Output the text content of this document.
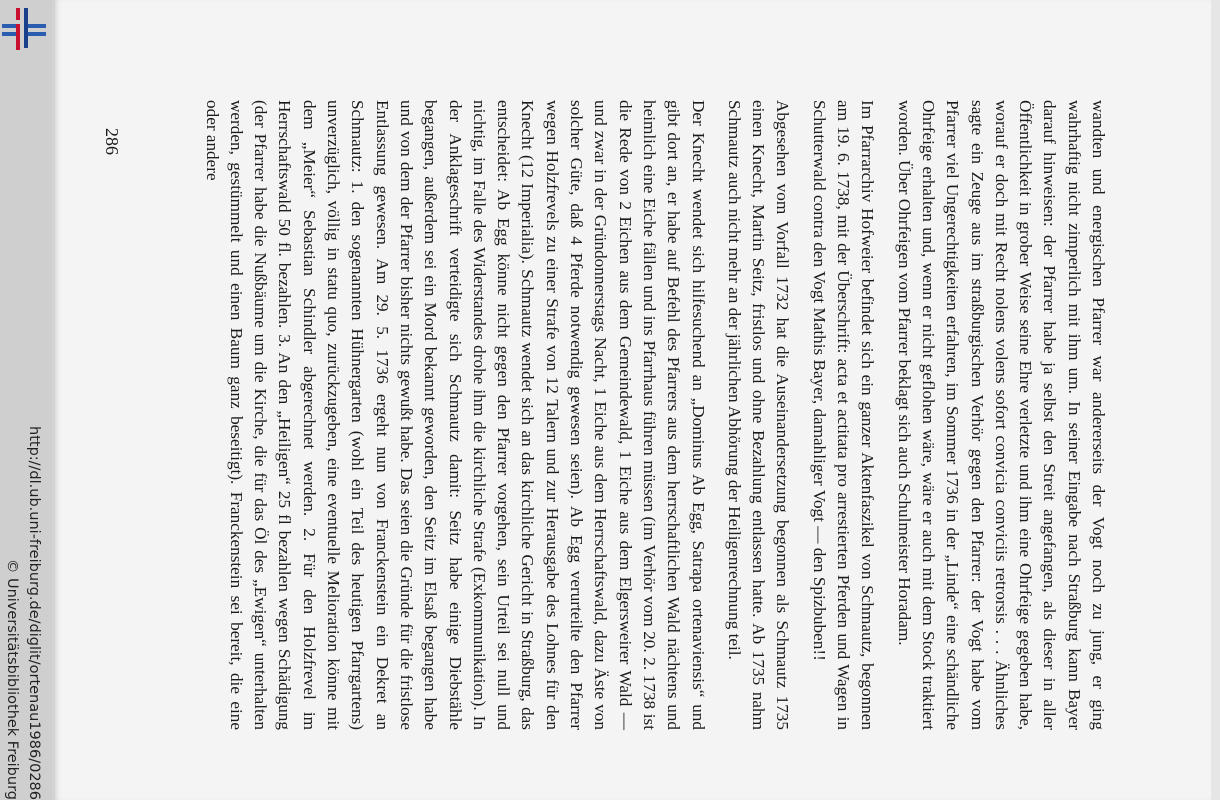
http://dl.ub.uni-freiburg.de/diglit/ortenau1986/0286
© Universitätsbibliothek Freiburg	wandten und energischen Pfarrer war andererseits der Vogt noch zu jung, er ging wahrhaftig nicht zimperlich mit ihm um. In seiner Eingabe nach Straßburg kann Bayer darauf hinweisen: der Pfarrer habe ja selbst den Streit angefangen, als dieser in aller Öffentlichkeit in grober Weise seine Ehre verletzte und ihm eine Ohrfeige gegeben habe, worauf er doch mit Recht nolens volens sofort convicia conviciis retrorsis . . . Ähnliches sagte ein Zeuge aus im straßburgischen Verhör gegen den Pfarrer: der Vogt habe vom Pfarrer viel Ungerechtigkeiten erfahren, im Sommer 1736 in der „Linde“ eine schändliche Ohrfeige erhalten und, wenn er nicht geflohen wäre, wäre er auch mit dem Stock traktiert worden. Über Ohrfeigen vom Pfarrer beklagt sich auch Schulmeister Horadam.

Im Pfarrarchiv Hofweier befindet sich ein ganzer Aktenfaszikel von Schmautz, begonnen am 19. 6. 1738, mit der Überschrift: acta et actitata pro arrestierten Pferden und Wagen in Schutterwald contra den Vogt Mathis Bayer, damahliger Vogt — den Spizbuben!!

Abgesehen vom Vorfall 1732 hat die Auseinandersetzung begonnen als Schmautz 1735 einen Knecht, Martin Seitz, fristlos und ohne Bezahlung entlassen hatte. Ab 1735 nahm Schmautz auch nicht mehr an der jährlichen Abhörung der Heiligenrechnung teil.

Der Knecht wendet sich hilfesuchend an „Dominus Ab Egg, Satrapa ortenaviensis“ und gibt dort an, er habe auf Befehl des Pfarrers aus dem herrschaftlichen Wald nächtens und heimlich eine Eiche fällen und ins Pfarrhaus führen müssen (im Verhör vom 20. 2. 1738 ist die Rede von 2 Eichen aus dem Gemeindewald, 1 Eiche aus dem Elgersweirer Wald — und zwar in der Gründonnerstags Nacht, 1 Eiche aus dem Herrschaftswald, dazu Äste von solcher Güte, daß 4 Pferde notwendig gewesen seien). Ab Egg verurteilte den Pfarrer wegen Holzfrevels zu einer Strafe von 12 Talern und zur Herausgabe des Lohnes für den Knecht (12 Imperialia). Schmautz wendet sich an das kirchliche Gericht in Straßburg, das entscheidet: Ab Egg könne nicht gegen den Pfarrer vorgehen, sein Urteil sei null und nichtig, im Falle des Widerstandes drohe ihm die kirchliche Strafe (Exkommunikation). In der Anklageschrift verteidigte sich Schmautz damit: Seitz habe einige Diebstähle begangen, außerdem sei ein Mord bekannt geworden, den Seitz im Elsaß begangen habe und von dem der Pfarrer bisher nichts gewußt habe. Das seien die Gründe für die fristlose Entlassung gewesen. Am 29. 5. 1736 ergeht nun von Franckenstein ein Dekret an Schmautz: 1. den sogenannten Hühnergarten (wohl ein Teil des heutigen Pfarrgartens) unverzüglich, völlig in statu quo, zurückzugeben, eine eventuelle Melioration könne mit dem „Meier“ Sebastian Schindler abgerechnet werden. 2. Für den Holzfrevel im Herrschaftswald 50 fl. bezahlen. 3. An den „Heiligen“ 25 fl bezahlen wegen Schädigung (der Pfarrer habe die Nußbäume um die Kirche, die für das Öl des „Ewigen“ unterhalten werden, gestümmelt und einen Baum ganz beseitigt). Franckenstein sei bereit, die eine oder andere

286
